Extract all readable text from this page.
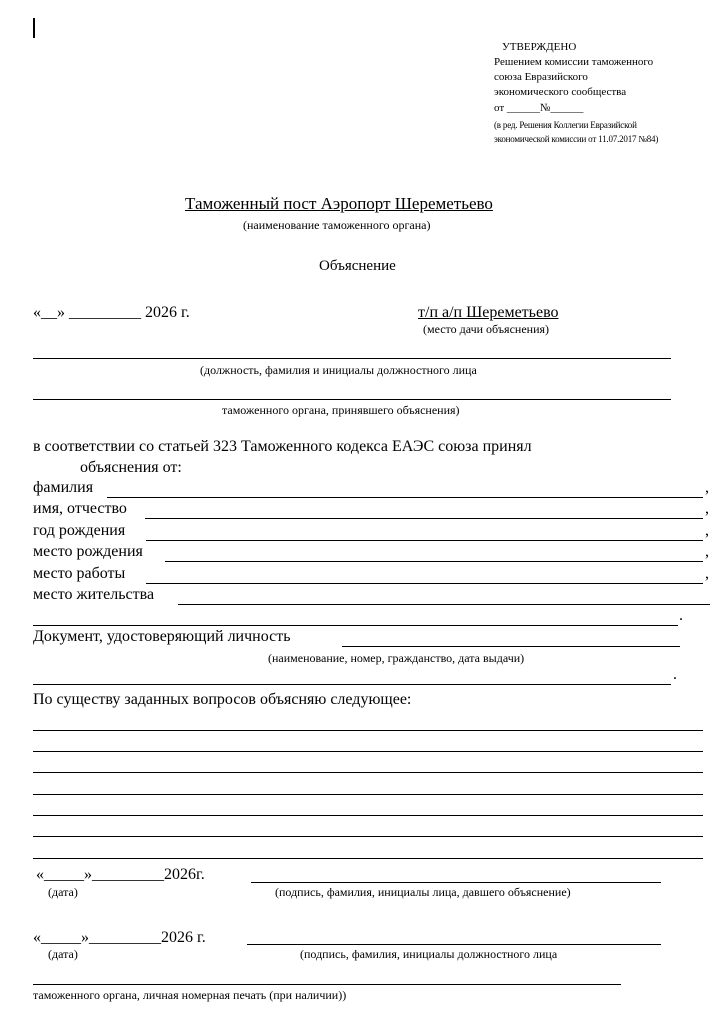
УТВЕРЖДЕНО
Решением комиссии таможенного
союза Евразийского
экономического сообщества
от ______№______
(в ред. Решения Коллегии Евразийской
экономической комиссии от 11.07.2017 №84)
Таможенный пост Аэропорт Шереметьево
(наименование таможенного органа)
Объяснение
«__» _________ 2026 г.	т/п а/п Шереметьево
(место дачи объяснения)
(должность, фамилия и инициалы должностного лица
таможенного органа, принявшего объяснения)
в соответствии со статьей 323 Таможенного кодекса ЕАЭС союза принял
объяснения от:
фамилия	,
имя, отчество	,
год рождения	,
место рождения	,
место работы	,
место жительства
.
Документ, удостоверяющий личность
(наименование, номер, гражданство, дата выдачи)
.
По существу заданных вопросов объясняю следующее:
«_____»_________2026г.
(дата)	(подпись, фамилия, инициалы лица, давшего объяснение)
«_____»_________2026 г.
(дата)	(подпись, фамилия, инициалы должностного лица
таможенного органа, личная номерная печать (при наличии))
